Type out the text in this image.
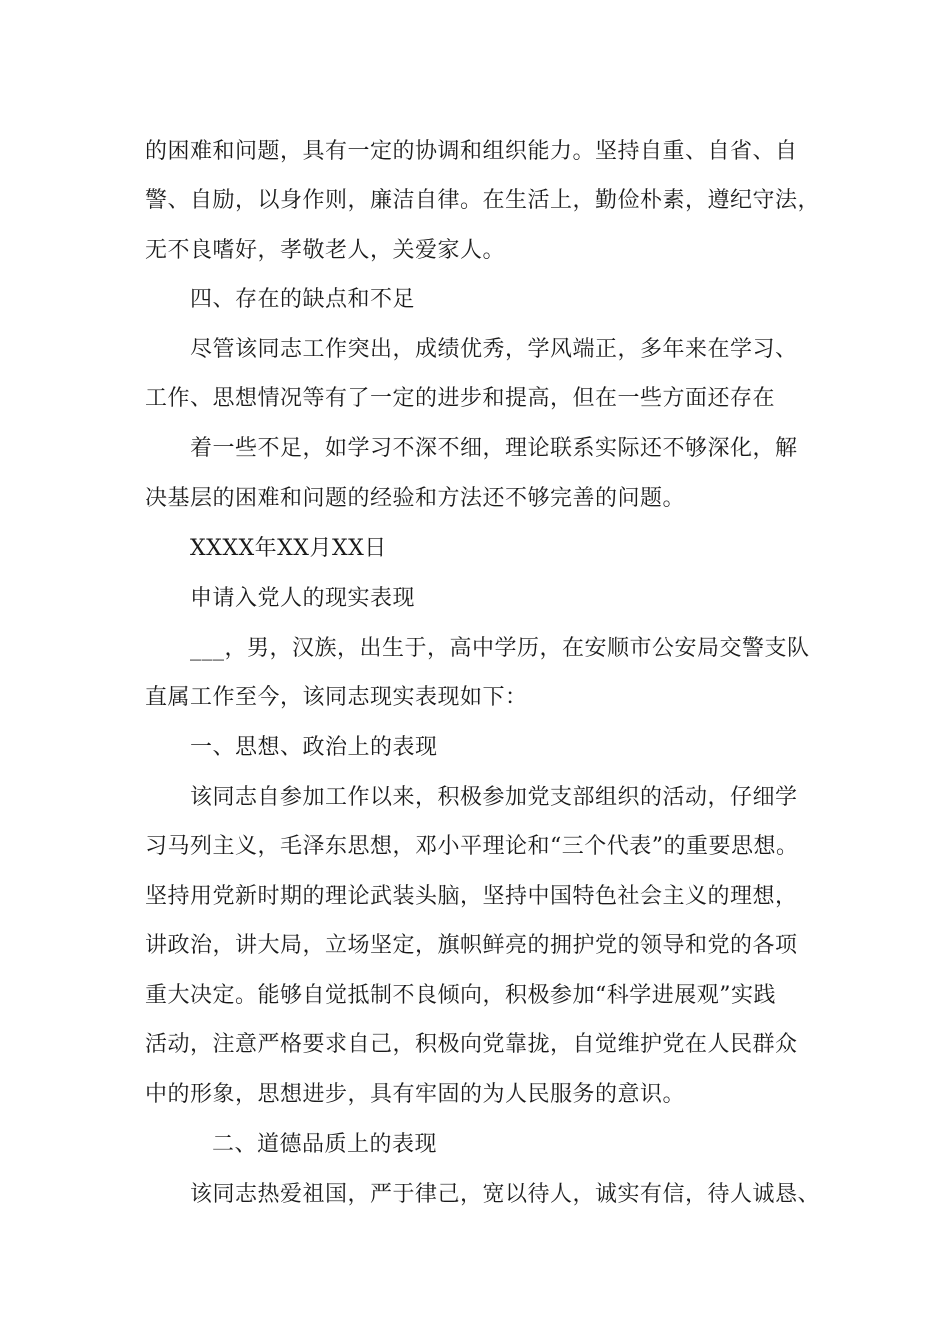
的困难和问题，具有一定的协调和组织能力。坚持自重、自省、自

警、自励，以身作则，廉洁自律。在生活上，勤俭朴素，遵纪守法，

无不良嗜好，孝敬老人，关爱家人。

四、存在的缺点和不足

尽管该同志工作突出，成绩优秀，学风端正，多年来在学习、

工作、思想情况等有了一定的进步和提高，但在一些方面还存在

着一些不足，如学习不深不细，理论联系实际还不够深化，解

决基层的困难和问题的经验和方法还不够完善的问题。

XXXX年XX月XX日

申请入党人的现实表现

___，男，汉族，出生于，高中学历，在安顺市公安局交警支队

直属工作至今，该同志现实表现如下：

一、思想、政治上的表现

该同志自参加工作以来，积极参加党支部组织的活动，仔细学

习马列主义，毛泽东思想，邓小平理论和“三个代表”的重要思想。

坚持用党新时期的理论武装头脑，坚持中国特色社会主义的理想，

讲政治，讲大局，立场坚定，旗帜鲜亮的拥护党的领导和党的各项

重大决定。能够自觉抵制不良倾向，积极参加“科学进展观”实践

活动，注意严格要求自己，积极向党靠拢，自觉维护党在人民群众

中的形象，思想进步，具有牢固的为人民服务的意识。

二、道德品质上的表现

该同志热爱祖国，严于律己，宽以待人，诚实有信，待人诚恳、
